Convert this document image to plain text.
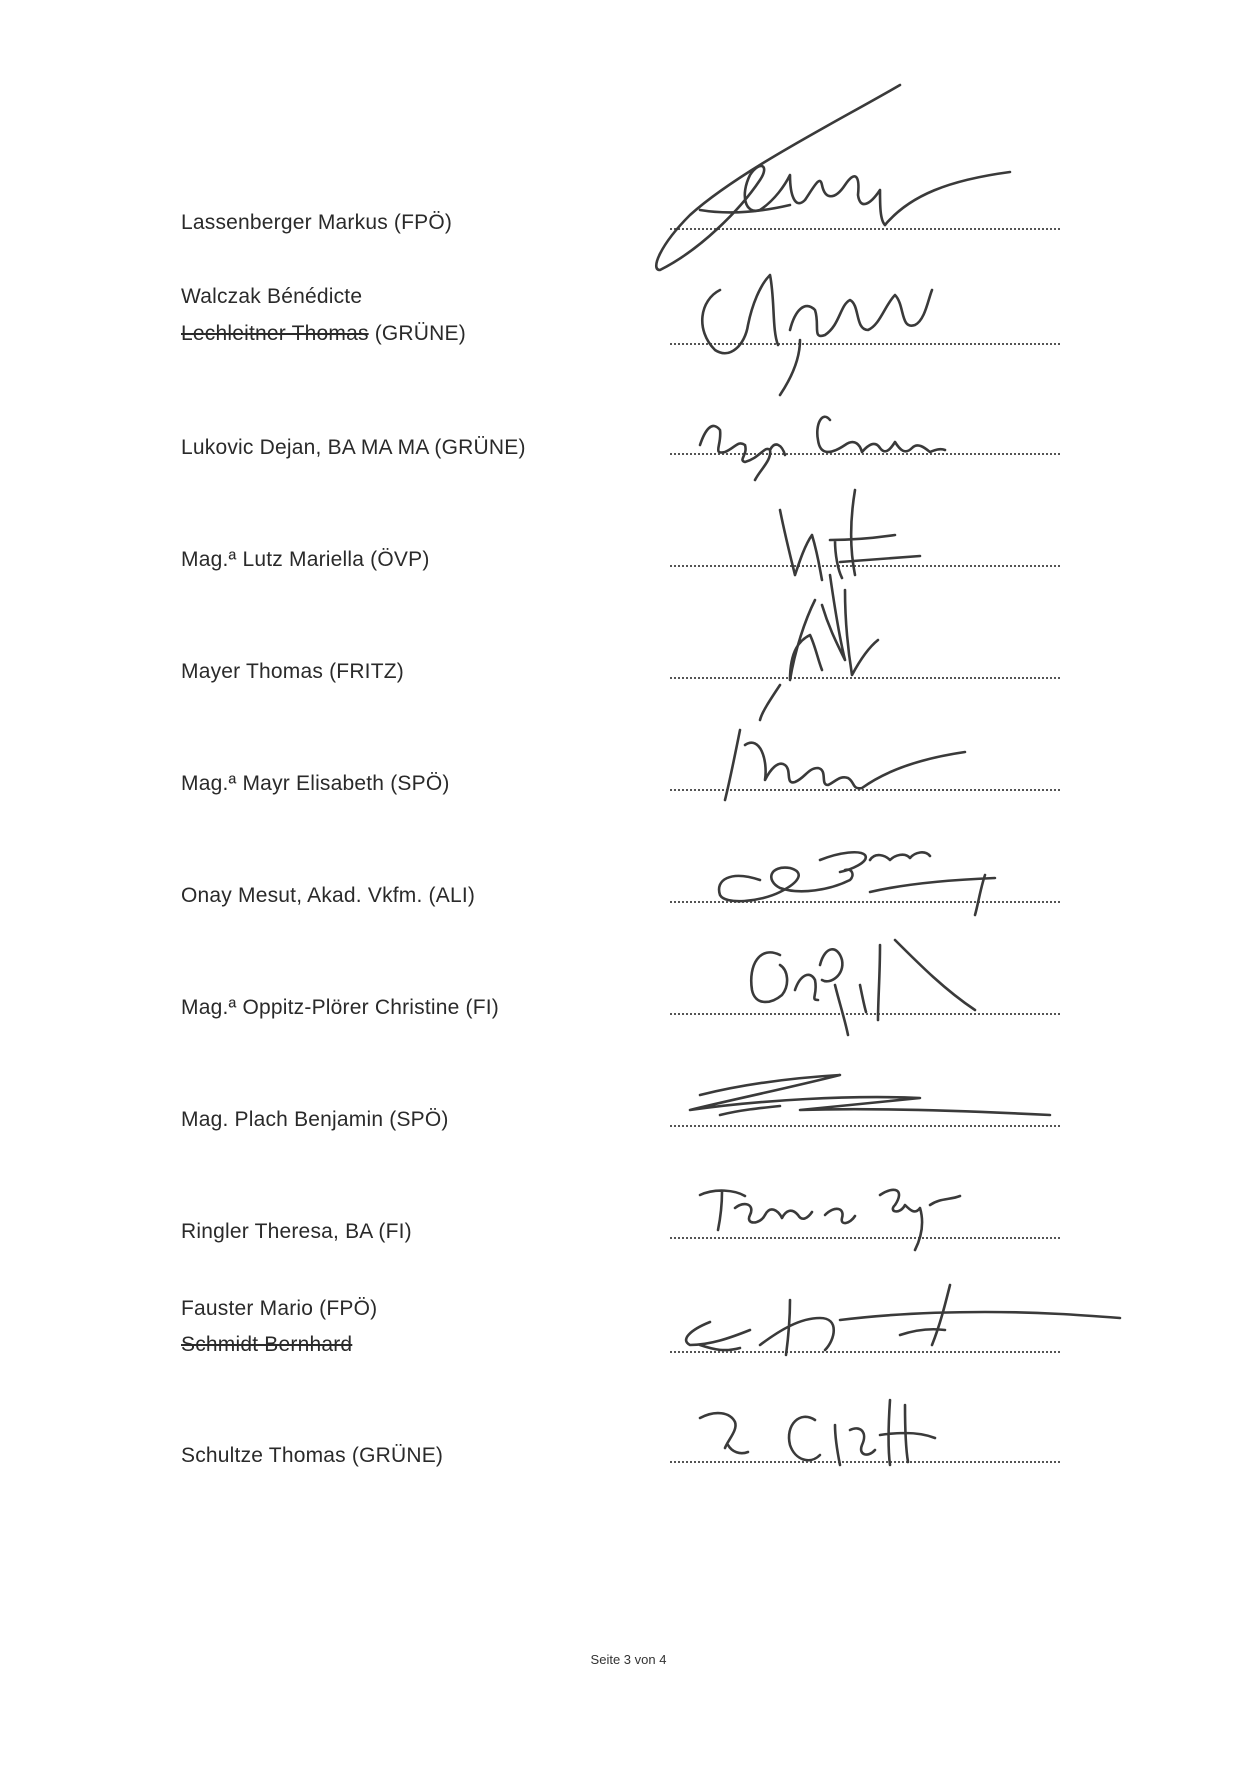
Lassenberger Markus (FPÖ)
Walczak Bénédicte
Lechleitner Thomas (GRÜNE)
Lukovic Dejan, BA MA MA (GRÜNE)
Mag.ª Lutz Mariella (ÖVP)
Mayer Thomas (FRITZ)
Mag.ª Mayr Elisabeth (SPÖ)
Onay Mesut, Akad. Vkfm. (ALI)
Mag.ª Oppitz-Plörer Christine (FI)
Mag. Plach Benjamin (SPÖ)
Ringler Theresa, BA (FI)
Fauster Mario (FPÖ)
Schmidt Bernhard
Schultze Thomas (GRÜNE)
Seite 3 von 4
